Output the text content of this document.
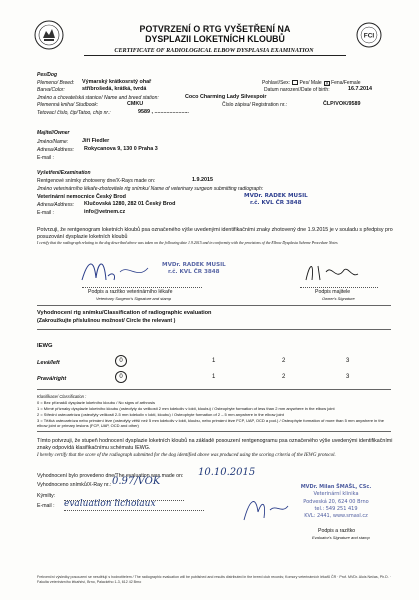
POTVRZENÍ O RTG VYŠETŘENÍ NA
DYSPLAZII LOKETNÍCH KLOUBŮ
CERTIFICATE OF RADIOLOGICAL ELBOW DYSPLASIA EXAMINATION
FCI
Pes/Dog
Plemeno/ Breed: Výmarský krátkosrstý ohař	Pohlaví/Sex: Pes/ Male X Fena/Female
Barva/Color:	stříbrošedá, krátká, tvrdá	Datum narození/Date of birth:	16.7.2014
Jméno a chovatelská stanice/ Name and breed station:	Coco Charming Lady Silvespoir
Plemenná kniha/ Studbook:	CMKU	Číslo zápisu/ Registration nr.:	ČLP/VOK/9589
Tetovací číslo, čip/Tatoo, chip nr.:	9589 , .......................
Majitel/Owner
Jméno/Name:	Jiří Fiedler
Adresa/Address: Rokycanova 9, 130 0 Praha 3
E-mail :
Vyšetření/Examination
Rentgenové snímky zhotoveny dne/X-Rays made on:	1.9.2015
Jméno veterinárního lékaře-zhotovitele rtg snímku/ Name of veterinary surgeon submitting radiograph:
Veterinární nemocnice Český Brod
Adresa/Address: Klučovská 1280, 282 01 Český Brod
E-mail :	info@vetnem.cz
MVDr. RADEK MUSIL
r.č. KVL ČR 3848
Potvrzuji, že rentgenogram loketních kloubů psa označeného výše uvedenými identifikačními znaky zhotovený dne 1.9.2015 je v souladu s předpisy pro posuzování dysplazie loketních kloubů
I certify that the radiograph relating to the dog described above was taken on the following date 1.9.2015 and in conformity with the provisions of the Elbow Dysplasia Scheme Procedure Notes
MVDr. RADEK MUSIL
r.č. KVL ČR 3848
Podpis a razítko veterinárního lékaře
Veterinary Surgeon's Signature and stamp
Podpis majitele
Owner's Signature
Vyhodnocení rtg snímku/Classification of radiographic evaluation
(Zakroužkujte příslušnou možnost/ Circle the relevant )
IEWG
Levá/left	0	1	2	3
Pravá/right	0	1	2	3
Klasifikace/ Classification :
0 = Bez příznaků dysplazie loketního kloubu / No signs of arthrosis
1 = Mírné příznaky dysplazie loketního kloubu (osteofyty do velikosti 2 mm kdekoliv v lokti, kloubu) / Osteophyte formation of less than 2 mm anywhere in the elbow joint
2 = Střední osteoartróza (osteofyty velikosti 2-5 mm kdekoliv v lokti, kloubu) / Osteophyte formation of 2 – 5 mm anywhere in the elbow joint
3 = Těžká osteoartróza nebo primární léze (osteofyty větší než 5 mm kdekoliv v lokti, kloubu, nebo primární léze FCP, UAP, OCD a pod.) / Osteophyte formation of more than 5 mm anywhere in the elbow joint or primary lesions (FCP, UAP, OCD and other)
Tímto potvrzuji, že stupeň hodnocení dysplazie loketních kloubů na základě posouzení rentgenogramu psa označeného výše uvedenými identifikačními znaky odpovídá klasifikačnímu schématu IEWG.
I hereby certify that the score of the radiograph submitted for the dog identified above was produced using the scoring criteria of the IEWG protocol.
Vyhodnocení bylo provedeno dne/The evaluation was made on: 10.10.2015
Vyhodnoceno snímků/X-Ray nr.: 0.97/VOK
Kýmilty:
E-mail : evaluation lichoiaux
MVDr. Milan ŠMAŠL, CSc.
Veterinární klinika
Podveská 20, 624 00 Brno
tel.: 549 251 419
KVL: 2441, www.smasl.cz
Podpis a razítko
Evaluator's Signature and stamp
Frekvenční výsledky posouzení se nesdělují s hodnotitelem / The radiographic evaluation will be published and results distributed in the breed club records; Komory veterinárních lékařů ČR · Prof. MVDr. Alois Nečas, Ph.D. · Fakulta veterinárního lékařství, Brno, Palackého 1-3, 612 42 Brno
